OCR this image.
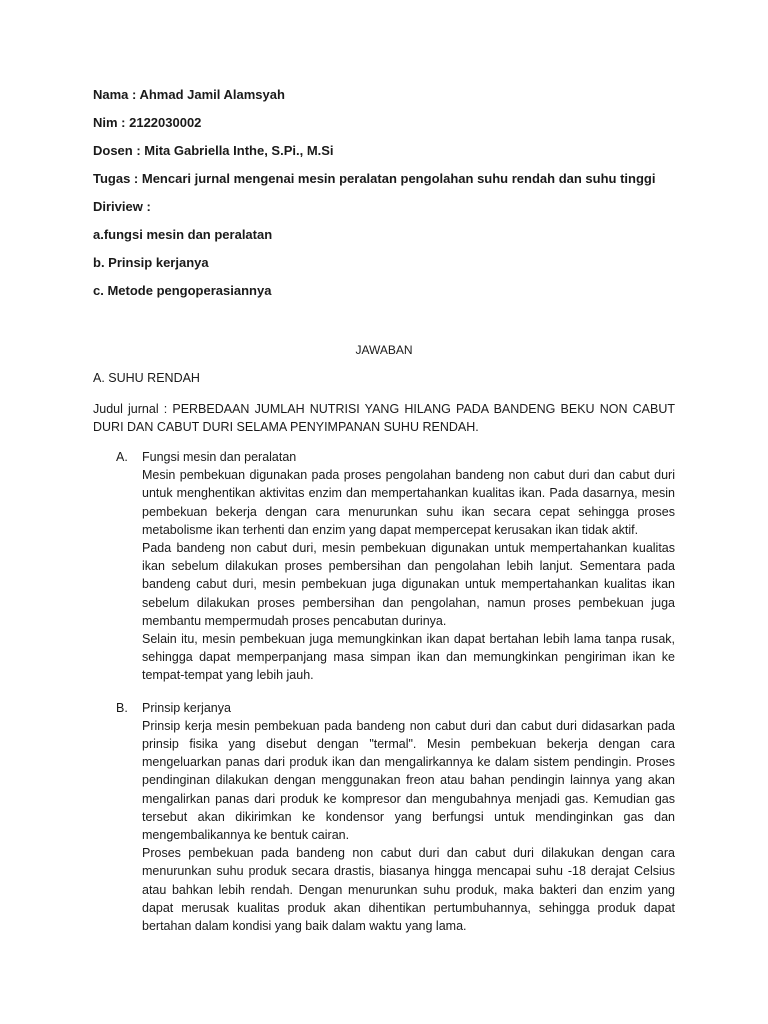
Nama : Ahmad Jamil Alamsyah
Nim : 2122030002
Dosen : Mita Gabriella Inthe, S.Pi., M.Si
Tugas : Mencari jurnal mengenai mesin peralatan pengolahan suhu rendah dan suhu tinggi
Diriview :
a.fungsi mesin dan peralatan
b. Prinsip kerjanya
c. Metode pengoperasiannya
JAWABAN
A. SUHU RENDAH
Judul jurnal : PERBEDAAN JUMLAH NUTRISI YANG HILANG PADA BANDENG BEKU NON CABUT DURI DAN CABUT DURI SELAMA PENYIMPANAN SUHU RENDAH.
A.	Fungsi mesin dan peralatan

Mesin pembekuan digunakan pada proses pengolahan bandeng non cabut duri dan cabut duri untuk menghentikan aktivitas enzim dan mempertahankan kualitas ikan. Pada dasarnya, mesin pembekuan bekerja dengan cara menurunkan suhu ikan secara cepat sehingga proses metabolisme ikan terhenti dan enzim yang dapat mempercepat kerusakan ikan tidak aktif.

Pada bandeng non cabut duri, mesin pembekuan digunakan untuk mempertahankan kualitas ikan sebelum dilakukan proses pembersihan dan pengolahan lebih lanjut. Sementara pada bandeng cabut duri, mesin pembekuan juga digunakan untuk mempertahankan kualitas ikan sebelum dilakukan proses pembersihan dan pengolahan, namun proses pembekuan juga membantu mempermudah proses pencabutan durinya.

Selain itu, mesin pembekuan juga memungkinkan ikan dapat bertahan lebih lama tanpa rusak, sehingga dapat memperpanjang masa simpan ikan dan memungkinkan pengiriman ikan ke tempat-tempat yang lebih jauh.

B.	Prinsip kerjanya

Prinsip kerja mesin pembekuan pada bandeng non cabut duri dan cabut duri didasarkan pada prinsip fisika yang disebut dengan "termal". Mesin pembekuan bekerja dengan cara mengeluarkan panas dari produk ikan dan mengalirkannya ke dalam sistem pendingin. Proses pendinginan dilakukan dengan menggunakan freon atau bahan pendingin lainnya yang akan mengalirkan panas dari produk ke kompresor dan mengubahnya menjadi gas. Kemudian gas tersebut akan dikirimkan ke kondensor yang berfungsi untuk mendinginkan gas dan mengembalikannya ke bentuk cairan.

Proses pembekuan pada bandeng non cabut duri dan cabut duri dilakukan dengan cara menurunkan suhu produk secara drastis, biasanya hingga mencapai suhu -18 derajat Celsius atau bahkan lebih rendah. Dengan menurunkan suhu produk, maka bakteri dan enzim yang dapat merusak kualitas produk akan dihentikan pertumbuhannya, sehingga produk dapat bertahan dalam kondisi yang baik dalam waktu yang lama.
